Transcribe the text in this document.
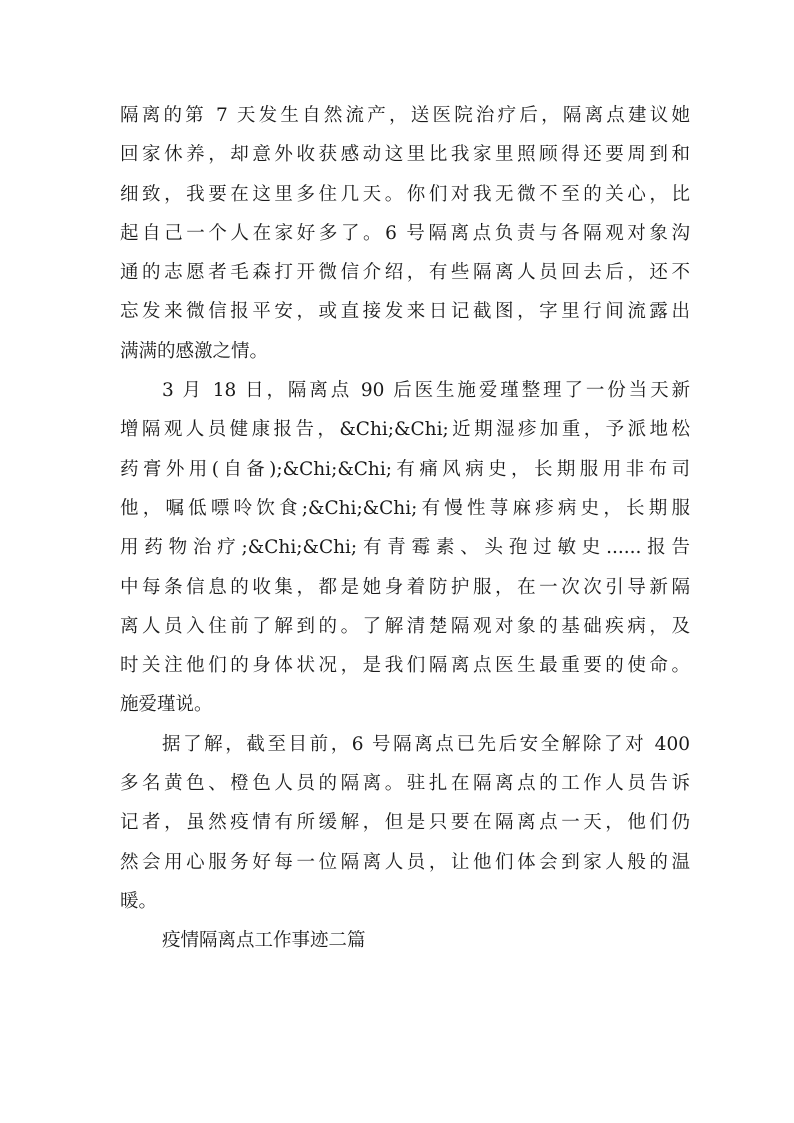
隔离的第 7 天发生自然流产，送医院治疗后，隔离点建议她
回家休养，却意外收获感动这里比我家里照顾得还要周到和
细致，我要在这里多住几天。你们对我无微不至的关心，比
起自己一个人在家好多了。6 号隔离点负责与各隔观对象沟
通的志愿者毛森打开微信介绍，有些隔离人员回去后，还不
忘发来微信报平安，或直接发来日记截图，字里行间流露出
满满的感激之情。
3 月 18 日，隔离点 90 后医生施爱瑾整理了一份当天新
增隔观人员健康报告，&Chi;&Chi;近期湿疹加重，予派地松
药膏外用(自备);&Chi;&Chi;有痛风病史，长期服用非布司
他，嘱低嘌呤饮食;&Chi;&Chi;有慢性荨麻疹病史，长期服
用药物治疗;&Chi;&Chi;有青霉素、头孢过敏史......报告
中每条信息的收集，都是她身着防护服，在一次次引导新隔
离人员入住前了解到的。了解清楚隔观对象的基础疾病，及
时关注他们的身体状况，是我们隔离点医生最重要的使命。
施爱瑾说。
据了解，截至目前，6 号隔离点已先后安全解除了对 400
多名黄色、橙色人员的隔离。驻扎在隔离点的工作人员告诉
记者，虽然疫情有所缓解，但是只要在隔离点一天，他们仍
然会用心服务好每一位隔离人员，让他们体会到家人般的温
暖。
疫情隔离点工作事迹二篇
